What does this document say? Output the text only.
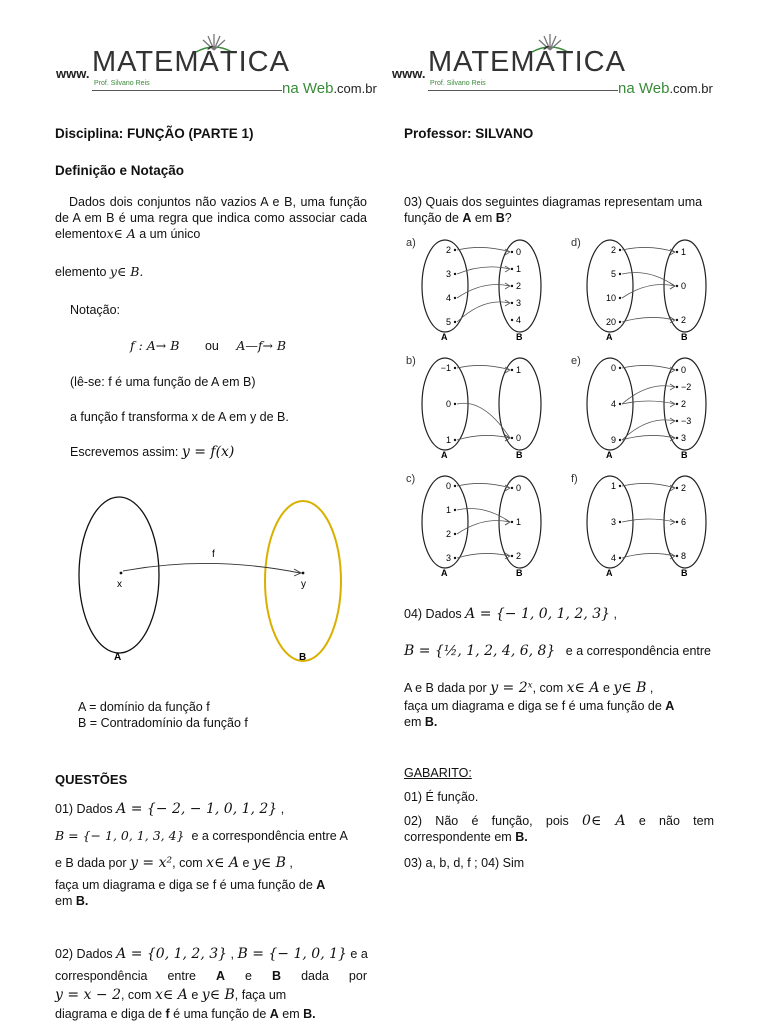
www. MATEMÁTICA
Prof. Silvano Reis	na Web.com.br
www. MATEMÁTICA
Prof. Silvano Reis	na Web.com.br
Disciplina: FUNÇÃO (PARTE 1)
Definição e Notação
Dados dois conjuntos não vazios A e B, uma função de A em B é uma regra que indica como associar cada elementox∈ A a um único
elemento y∈ B.
Notação:
f : A→ B ou A—f→ B
(lê-se: f é uma função de A em B)
a função f transforma x de A em y de B.
Escrevemos assim: y = f(x)
f
x	y
A	B
A = domínio da função f
B = Contradomínio da função f
QUESTÕES
01) Dados A = {− 2, − 1, 0, 1, 2} ,
B = {− 1, 0, 1, 3, 4} e a correspondência entre A
e B dada por y = x², com x∈ A e y∈ B ,
faça um diagrama e diga se f é uma função de A
em B.
02) Dados A = {0, 1, 2, 3} , B = {− 1, 0, 1} e a
correspondência entre A e B dada por
y = x − 2, com x∈ A e y∈ B, faça um
diagrama e diga de f é uma função de A em B.
Professor: SILVANO
03) Quais dos seguintes diagramas representam uma função de A em B?
a)
A	B
2
3
4
5
0
1
2
3
4
d)
A	B
2
5
10
20
1
0
2
b)
A	B
−1
0
1
1
0
e)
A	B
0
4
9
0
−2
2
−3
3
c)
A	B
0
1
2
3
0
1
2
f)
A	B
1
3
4
2
6
8
04) Dados A = {− 1, 0, 1, 2, 3} ,
B = {½, 1, 2, 4, 6, 8} e a correspondência entre
A e B dada por y = 2ˣ, com x∈ A e y∈ B ,
faça um diagrama e diga se f é uma função de A
em B.
GABARITO:
01) É função.
02) Não é função, pois 0∈ A e não tem correspondente em B.
03) a, b, d, f ; 04) Sim
